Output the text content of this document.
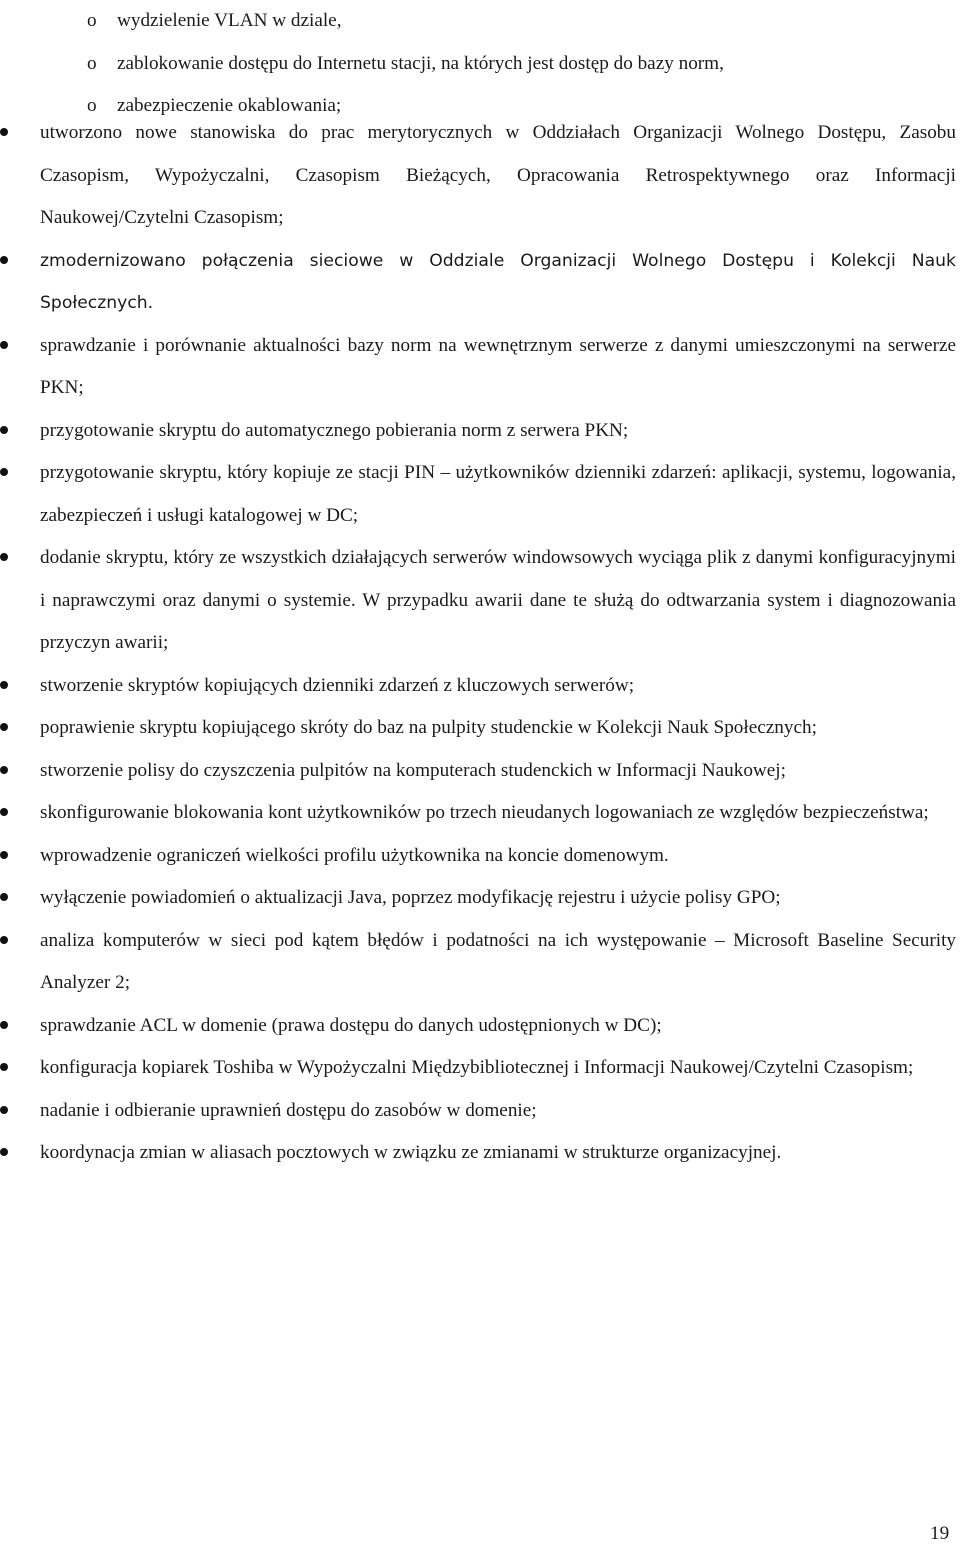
o wydzielenie VLAN w dziale,
o zablokowanie dostępu do Internetu stacji, na których jest dostęp do bazy norm,
o zabezpieczenie okablowania;
utworzono nowe stanowiska do prac merytorycznych w Oddziałach Organizacji Wolnego Dostępu, Zasobu Czasopism, Wypożyczalni, Czasopism Bieżących, Opracowania Retrospektywnego oraz Informacji Naukowej/Czytelni Czasopism;
zmodernizowano połączenia sieciowe w Oddziale Organizacji Wolnego Dostępu i Kolekcji Nauk Społecznych.
sprawdzanie i porównanie aktualności bazy norm na wewnętrznym serwerze z danymi umieszczonymi na serwerze PKN;
przygotowanie skryptu do automatycznego pobierania norm z serwera PKN;
przygotowanie skryptu, który kopiuje ze stacji PIN – użytkowników dzienniki zdarzeń: aplikacji, systemu, logowania, zabezpieczeń i usługi katalogowej w DC;
dodanie skryptu, który ze wszystkich działających serwerów windowsowych wyciąga plik z danymi konfiguracyjnymi i naprawczymi oraz danymi o systemie. W przypadku awarii dane te służą do odtwarzania system i diagnozowania przyczyn awarii;
stworzenie skryptów kopiujących dzienniki zdarzeń z kluczowych serwerów;
poprawienie skryptu kopiującego skróty do baz na pulpity studenckie w Kolekcji Nauk Społecznych;
stworzenie polisy do czyszczenia pulpitów na komputerach studenckich w Informacji Naukowej;
skonfigurowanie blokowania kont użytkowników po trzech nieudanych logowaniach ze względów bezpieczeństwa;
wprowadzenie ograniczeń wielkości profilu użytkownika na koncie domenowym.
wyłączenie powiadomień o aktualizacji Java, poprzez modyfikację rejestru i użycie polisy GPO;
analiza komputerów w sieci pod kątem błędów i podatności na ich występowanie – Microsoft Baseline Security Analyzer 2;
sprawdzanie ACL w domenie (prawa dostępu do danych udostępnionych w DC);
konfiguracja kopiarek Toshiba w Wypożyczalni Międzybibliotecznej i Informacji Naukowej/Czytelni Czasopism;
nadanie i odbieranie uprawnień dostępu do zasobów w domenie;
koordynacja zmian w aliasach pocztowych w związku ze zmianami w strukturze organizacyjnej.
19
